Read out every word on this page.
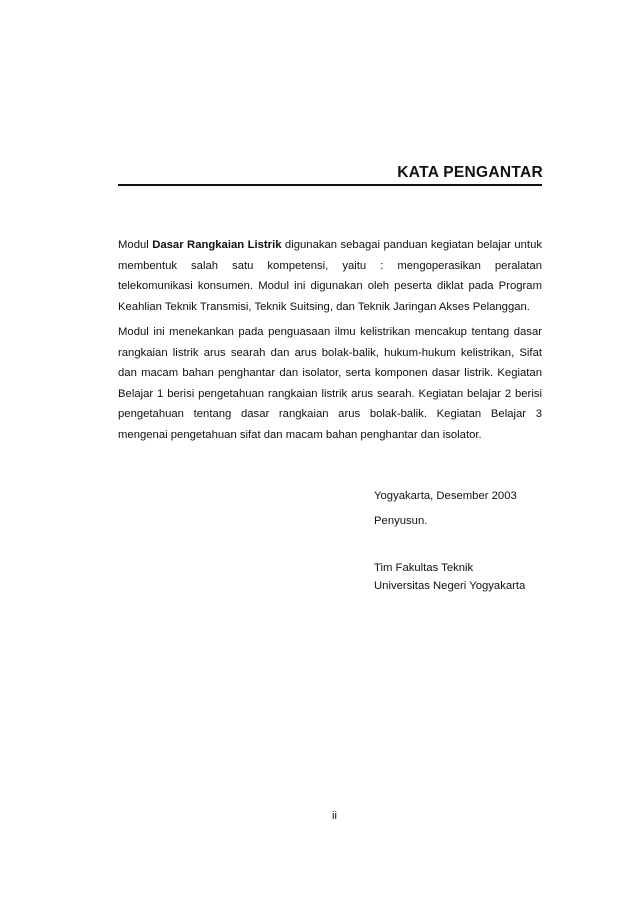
KATA PENGANTAR

Modul Dasar Rangkaian Listrik digunakan sebagai panduan kegiatan belajar untuk membentuk salah satu kompetensi, yaitu : mengoperasikan peralatan telekomunikasi konsumen. Modul ini digunakan oleh peserta diklat pada Program Keahlian Teknik Transmisi, Teknik Suitsing, dan Teknik Jaringan Akses Pelanggan.

Modul ini menekankan pada penguasaan ilmu kelistrikan mencakup tentang dasar rangkaian listrik arus searah dan arus bolak-balik, hukum-hukum kelistrikan, Sifat dan macam bahan penghantar dan isolator, serta komponen dasar listrik. Kegiatan Belajar 1 berisi pengetahuan rangkaian listrik arus searah. Kegiatan belajar 2 berisi pengetahuan tentang dasar rangkaian arus bolak-balik. Kegiatan Belajar 3 mengenai pengetahuan sifat dan macam bahan penghantar dan isolator.

Yogyakarta, Desember 2003
Penyusun.
Tim Fakultas Teknik
Universitas Negeri Yogyakarta
ii
